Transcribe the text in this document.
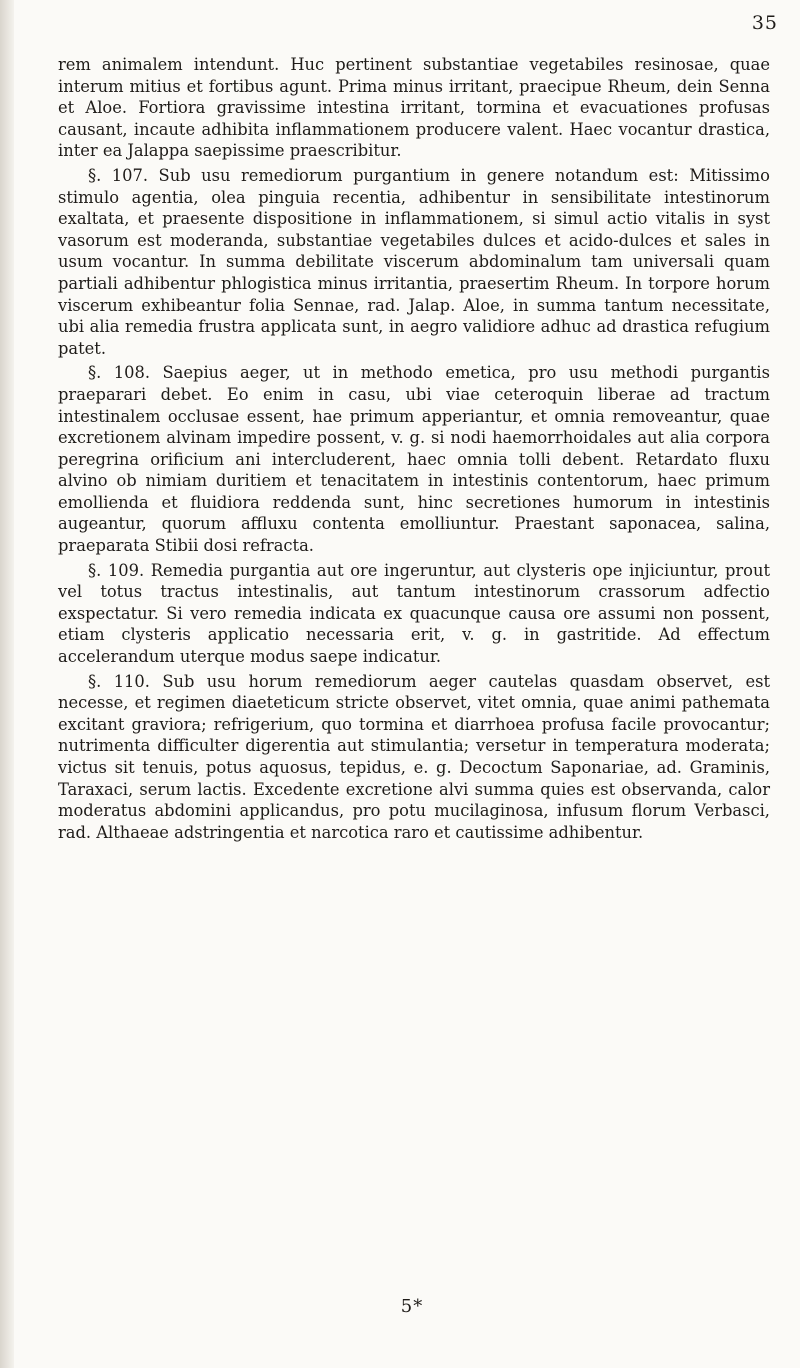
35

rem animalem intendunt. Huc pertinent substantiae vegetabiles resinosae, quae interum mitius et fortibus agunt. Prima minus irritant, praecipue Rheum, dein Senna et Aloe. Fortiora gravissime intestina irritant, tormina et evacuationes profusas causant, incaute adhibita inflammationem producere valent. Haec vocantur drastica, inter ea Jalappa saepissime praescribitur.

§. 107. Sub usu remediorum purgantium in genere notandum est: Mitissimo stimulo agentia, olea pinguia recentia, adhibentur in sensibilitate intestinorum exaltata, et praesente dispositione in inflammationem, si simul actio vitalis in syst vasorum est moderanda, substantiae vegetabiles dulces et acido-dulces et sales in usum vocantur. In summa debilitate viscerum abdominalum tam universali quam partiali adhibentur phlogistica minus irritantia, praesertim Rheum. In torpore horum viscerum exhibeantur folia Sennae, rad. Jalap. Aloe, in summa tantum necessitate, ubi alia remedia frustra applicata sunt, in aegro validiore adhuc ad drastica refugium patet.

§. 108. Saepius aeger, ut in methodo emetica, pro usu methodi purgantis praeparari debet. Eo enim in casu, ubi viae ceteroquin liberae ad tractum intestinalem occlusae essent, hae primum apperiantur, et omnia removeantur, quae excretionem alvinam impedire possent, v. g. si nodi haemorrhoidales aut alia corpora peregrina orificium ani intercluderent, haec omnia tolli debent. Retardato fluxu alvino ob nimiam duritiem et tenacitatem in intestinis contentorum, haec primum emollienda et fluidiora reddenda sunt, hinc secretiones humorum in intestinis augeantur, quorum affluxu contenta emolliuntur. Praestant saponacea, salina, praeparata Stibii dosi refracta.

§. 109. Remedia purgantia aut ore ingeruntur, aut clysteris ope injiciuntur, prout vel totus tractus intestinalis, aut tantum intestinorum crassorum adfectio exspectatur. Si vero remedia indicata ex quacunque causa ore assumi non possent, etiam clysteris applicatio necessaria erit, v. g. in gastritide. Ad effectum accelerandum uterque modus saepe indicatur.

§. 110. Sub usu horum remediorum aeger cautelas quasdam observet, est necesse, et regimen diaeteticum stricte observet, vitet omnia, quae animi pathemata excitant graviora; refrigerium, quo tormina et diarrhoea profusa facile provocantur; nutrimenta difficulter digerentia aut stimulantia; versetur in temperatura moderata; victus sit tenuis, potus aquosus, tepidus, e. g. Decoctum Saponariae, ad. Graminis, Taraxaci, serum lactis. Excedente excretione alvi summa quies est observanda, calor moderatus abdomini applicandus, pro potu mucilaginosa, infusum florum Verbasci, rad. Althaeae adstringentia et narcotica raro et cautissime adhibentur.

5*
